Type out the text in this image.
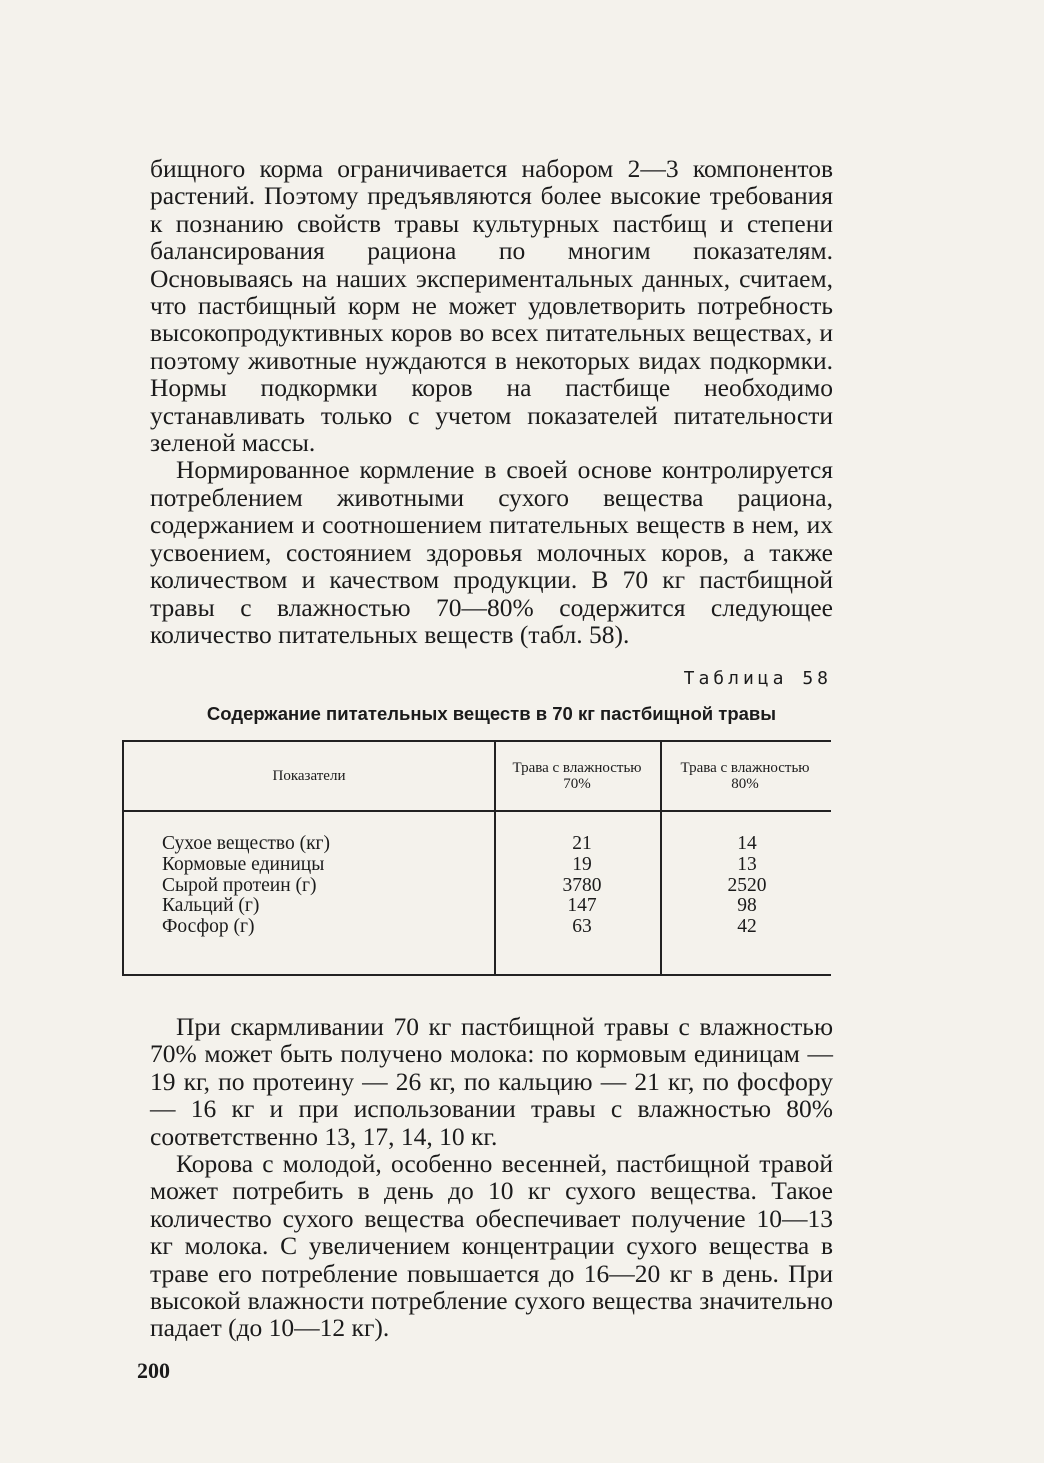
бищного корма ограничивается набором 2—3 компонентов растений. Поэтому предъявляются более высокие требования к познанию свойств травы культурных пастбищ и степени балансирования рациона по многим показателям. Основываясь на наших экспериментальных данных, считаем, что пастбищный корм не может удовлетворить потребность высокопродуктивных коров во всех питательных веществах, и поэтому животные нуждаются в некоторых видах подкормки. Нормы подкормки коров на пастбище необходимо устанавливать только с учетом показателей питательности зеленой массы.

Нормированное кормление в своей основе контролируется потреблением животными сухого вещества рациона, содержанием и соотношением питательных веществ в нем, их усвоением, состоянием здоровья молочных коров, а также количеством и качеством продукции. В 70 кг пастбищной травы с влажностью 70—80% содержится следующее количество питательных веществ (табл. 58).

Таблица 58
Содержание питательных веществ в 70 кг пастбищной травы
Показатели	Трава с влажностью 70%
Трава с влажностью 80%
Сухое вещество (кг)
Кормовые единицы
Сырой протеин (г)
Кальций (г)
Фосфор (г)
21
19
3780
147
63
14
13
2520
98
42

При скармливании 70 кг пастбищной травы с влажностью 70% может быть получено молока: по кормовым единицам — 19 кг, по протеину — 26 кг, по кальцию — 21 кг, по фосфору — 16 кг и при использовании травы с влажностью 80% соответственно 13, 17, 14, 10 кг.

Корова с молодой, особенно весенней, пастбищной травой может потребить в день до 10 кг сухого вещества. Такое количество сухого вещества обеспечивает получение 10—13 кг молока. С увеличением концентрации сухого вещества в траве его потребление повышается до 16—20 кг в день. При высокой влажности потребление сухого вещества значительно падает (до 10—12 кг).

200
